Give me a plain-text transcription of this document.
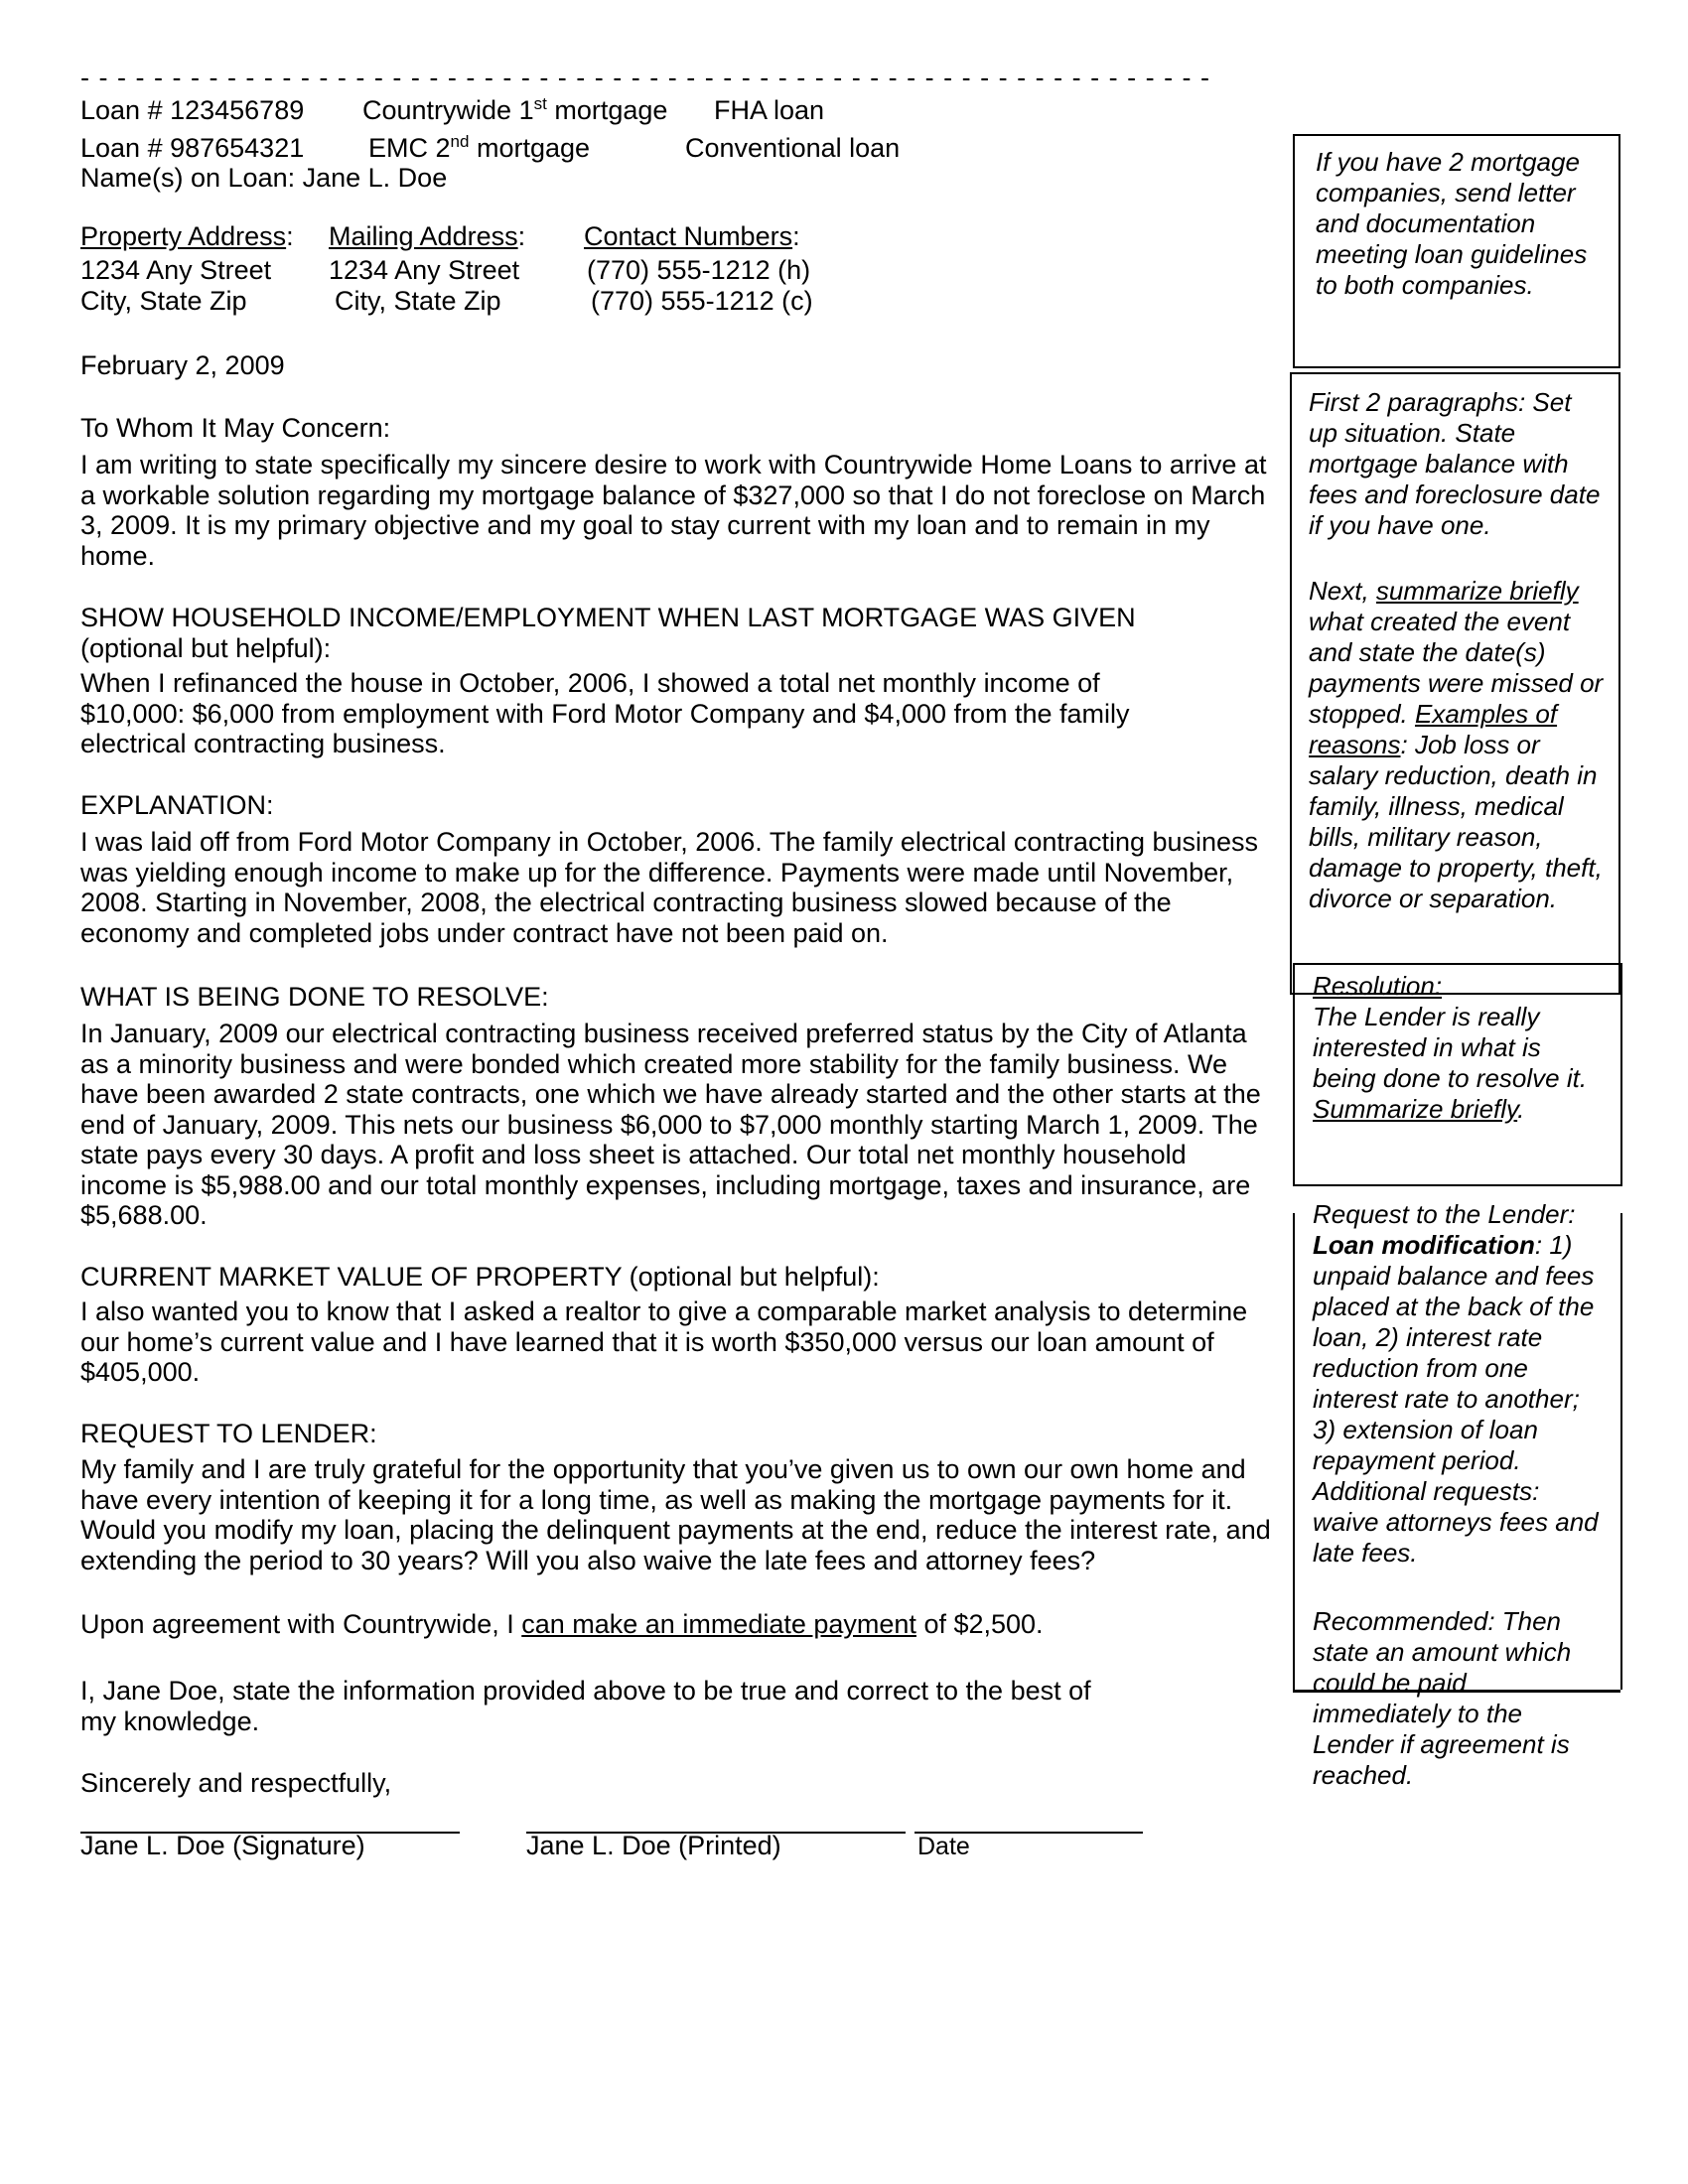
- - - - - - - - - - - - - - - - - - - - - - - - - - - - - - - - - - - - - - - - - - - - - - - - - - - - - - - - - - - - - -
Loan # 123456789 Countrywide 1st mortgage FHA loan
Loan # 987654321 EMC 2nd mortgage	Conventional loan
Name(s) on Loan: Jane L. Doe
Property Address:
1234 Any Street
City, State Zip
Mailing Address:
1234 Any Street
City, State Zip
Contact Numbers:
(770) 555-1212 (h)
(770) 555-1212 (c)
February 2, 2009
To Whom It May Concern:
I am writing to state specifically my sincere desire to work with Countrywide Home Loans to arrive at a workable solution regarding my mortgage balance of $327,000 so that I do not foreclose on March 3, 2009. It is my primary objective and my goal to stay current with my loan and to remain in my home.
SHOW HOUSEHOLD INCOME/EMPLOYMENT WHEN LAST MORTGAGE WAS GIVEN
(optional but helpful):
When I refinanced the house in October, 2006, I showed a total net monthly income of $10,000: $6,000 from employment with Ford Motor Company and $4,000 from the family electrical contracting business.
EXPLANATION:
I was laid off from Ford Motor Company in October, 2006. The family electrical contracting business was yielding enough income to make up for the difference. Payments were made until November, 2008. Starting in November, 2008, the electrical contracting business slowed because of the economy and completed jobs under contract have not been paid on.
WHAT IS BEING DONE TO RESOLVE:
In January, 2009 our electrical contracting business received preferred status by the City of Atlanta as a minority business and were bonded which created more stability for the family business. We have been awarded 2 state contracts, one which we have already started and the other starts at the end of January, 2009. This nets our business $6,000 to $7,000 monthly starting March 1, 2009. The state pays every 30 days. A profit and loss sheet is attached. Our total net monthly household income is $5,988.00 and our total monthly expenses, including mortgage, taxes and insurance, are $5,688.00.
CURRENT MARKET VALUE OF PROPERTY (optional but helpful):
I also wanted you to know that I asked a realtor to give a comparable market analysis to determine our home’s current value and I have learned that it is worth $350,000 versus our loan amount of $405,000.
REQUEST TO LENDER:
My family and I are truly grateful for the opportunity that you’ve given us to own our own home and have every intention of keeping it for a long time, as well as making the mortgage payments for it. Would you modify my loan, placing the delinquent payments at the end, reduce the interest rate, and extending the period to 30 years? Will you also waive the late fees and attorney fees?
Upon agreement with Countrywide, I can make an immediate payment of $2,500.
I, Jane Doe, state the information provided above to be true and correct to the best of my knowledge.
Sincerely and respectfully,
Jane L. Doe (Signature)	Jane L. Doe (Printed)	Date
If you have 2 mortgage companies, send letter and documentation meeting loan guidelines to both companies.
First 2 paragraphs: Set up situation. State mortgage balance with fees and foreclosure date if you have one.
Next, summarize briefly what created the event and state the date(s) payments were missed or stopped. Examples of reasons: Job loss or salary reduction, death in family, illness, medical bills, military reason, damage to property, theft, divorce or separation.
Resolution:
The Lender is really interested in what is being done to resolve it. Summarize briefly.
Request to the Lender: Loan modification: 1) unpaid balance and fees placed at the back of the loan, 2) interest rate reduction from one interest rate to another; 3) extension of loan repayment period. Additional requests: waive attorneys fees and late fees.
Recommended: Then state an amount which could be paid immediately to the Lender if agreement is reached.
